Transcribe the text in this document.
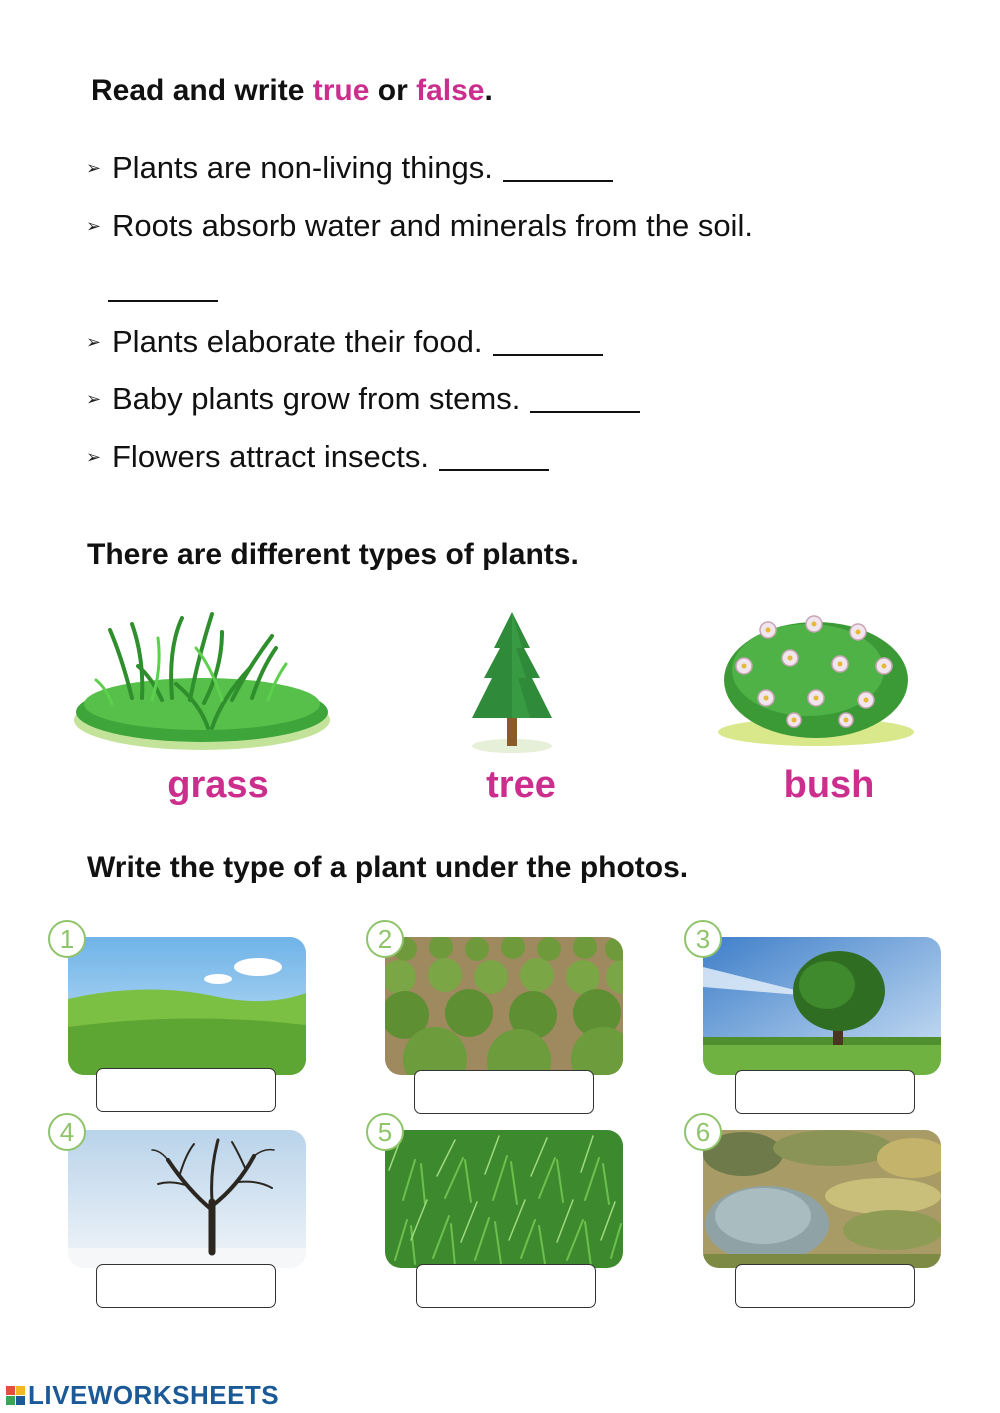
Read and write true or false.
➢ Plants are non-living things.
➢ Roots absorb water and minerals from the soil.
➢ Plants elaborate their food.
➢ Baby plants grow from stems.
➢ Flowers attract insects.
There are different types of plants.
grass	tree	bush
Write the type of a plant under the photos.
1	2	3
4	5	6
LIVEWORKSHEETS
